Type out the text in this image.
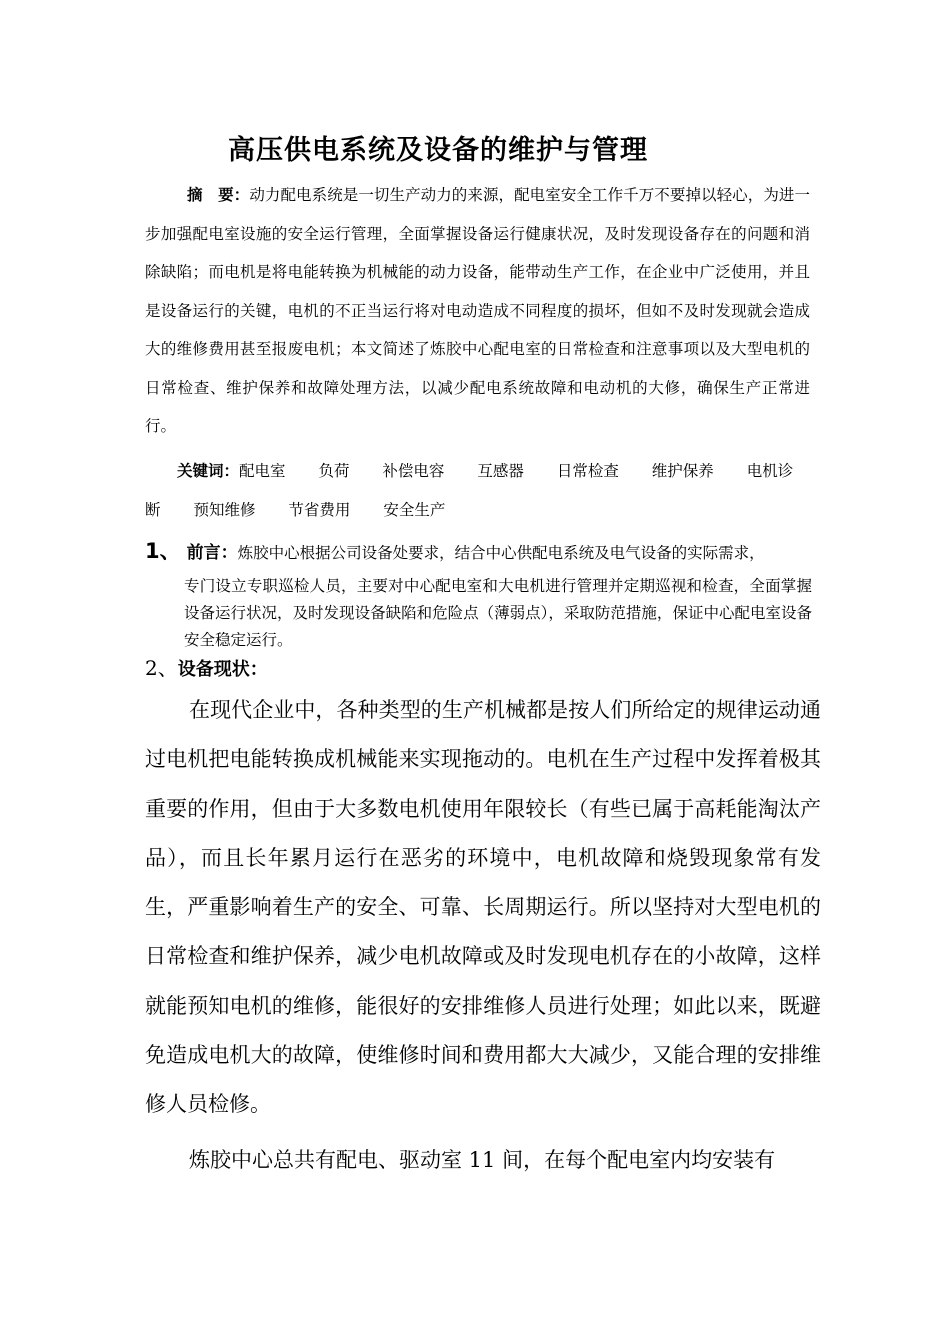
高压供电系统及设备的维护与管理
摘　要：动力配电系统是一切生产动力的来源，配电室安全工作千万不要掉以轻心，为进一步加强配电室设施的安全运行管理，全面掌握设备运行健康状况，及时发现设备存在的问题和消除缺陷；而电机是将电能转换为机械能的动力设备，能带动生产工作，在企业中广泛使用，并且是设备运行的关键，电机的不正当运行将对电动造成不同程度的损坏，但如不及时发现就会造成大的维修费用甚至报废电机；本文简述了炼胶中心配电室的日常检查和注意事项以及大型电机的日常检查、维护保养和故障处理方法，以减少配电系统故障和电动机的大修，确保生产正常进行。
关键词：配电室 负荷 补偿电容 互感器 日常检查 维护保养 电机诊断 预知维修 节省费用 安全生产
1、 前言：炼胶中心根据公司设备处要求，结合中心供配电系统及电气设备的实际需求，
专门设立专职巡检人员，主要对中心配电室和大电机进行管理并定期巡视和检查，全面掌握设备运行状况，及时发现设备缺陷和危险点（薄弱点），采取防范措施，保证中心配电室设备安全稳定运行。
2、设备现状：
在现代企业中，各种类型的生产机械都是按人们所给定的规律运动通过电机把电能转换成机械能来实现拖动的。电机在生产过程中发挥着极其重要的作用，但由于大多数电机使用年限较长（有些已属于高耗能淘汰产品），而且长年累月运行在恶劣的环境中，电机故障和烧毁现象常有发生，严重影响着生产的安全、可靠、长周期运行。所以坚持对大型电机的日常检查和维护保养，减少电机故障或及时发现电机存在的小故障，这样就能预知电机的维修，能很好的安排维修人员进行处理；如此以来，既避免造成电机大的故障，使维修时间和费用都大大减少，又能合理的安排维修人员检修。
炼胶中心总共有配电、驱动室 11 间，在每个配电室内均安装有
